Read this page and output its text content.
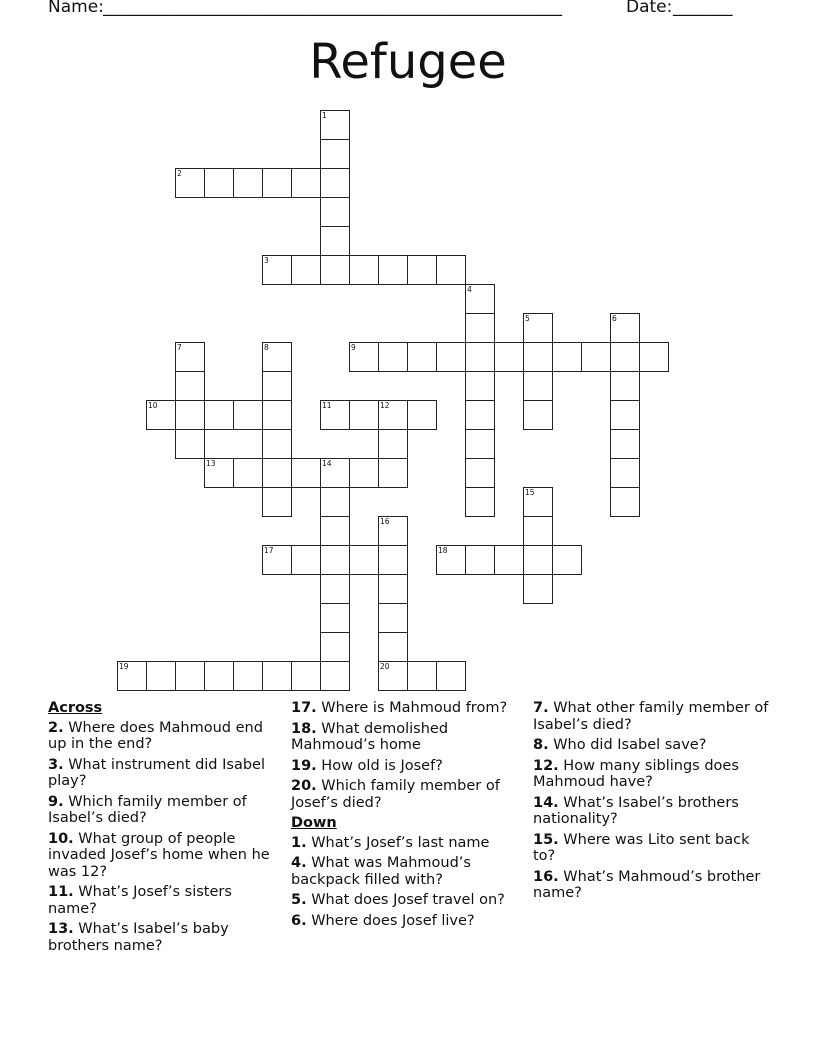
Name: ______________________________________________________	Date: _______
Refugee
1
2
3
4
5	6
7	8	9
10	11	12
13	14
15
16
20
17	18
19
Across
2. Where does Mahmoud end up in the end?
3. What instrument did Isabel play?
9. Which family member of Isabel’s died?
10. What group of people invaded Josef’s home when he was 12?
11. What’s Josef’s sisters name?
13. What’s Isabel’s baby brothers name?
17. Where is Mahmoud from?
18. What demolished Mahmoud’s home
19. How old is Josef?
20. Which family member of Josef’s died?
Down
1. What’s Josef’s last name
4. What was Mahmoud’s backpack filled with?
5. What does Josef travel on?
6. Where does Josef live?
7. What other family member of Isabel’s died?
8. Who did Isabel save?
12. How many siblings does Mahmoud have?
14. What’s Isabel’s brothers nationality?
15. Where was Lito sent back to?
16. What’s Mahmoud’s brother name?
